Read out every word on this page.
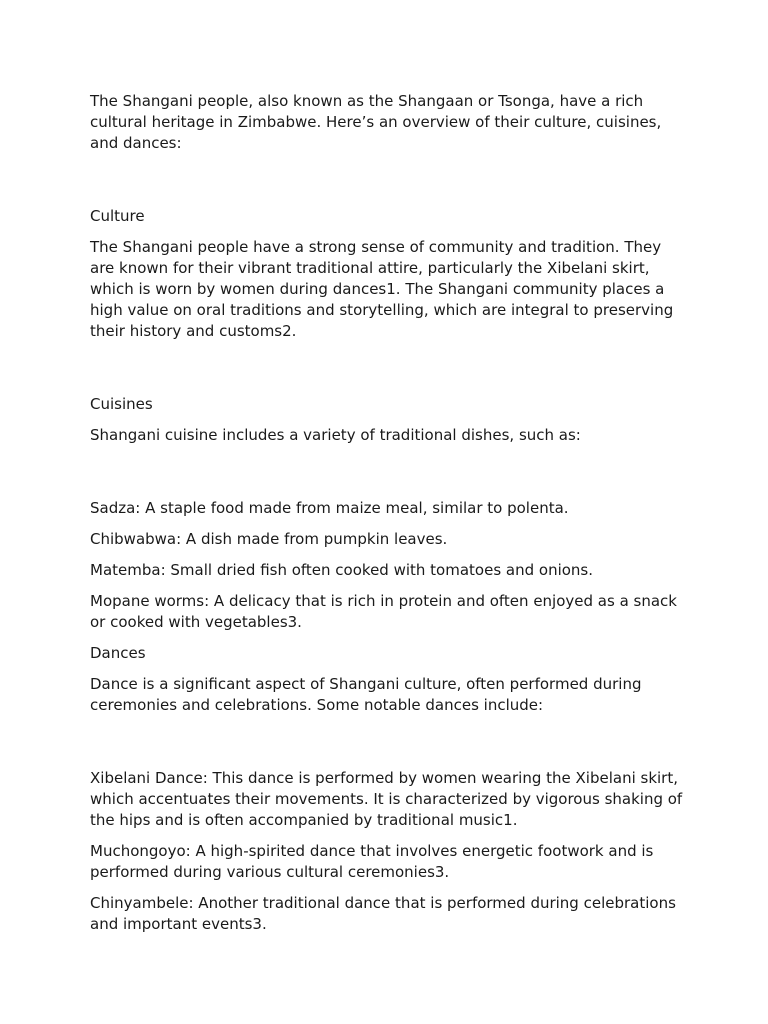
The Shangani people, also known as the Shangaan or Tsonga, have a rich cultural heritage in Zimbabwe. Here’s an overview of their culture, cuisines, and dances:

Culture

The Shangani people have a strong sense of community and tradition. They are known for their vibrant traditional attire, particularly the Xibelani skirt, which is worn by women during dances1. The Shangani community places a high value on oral traditions and storytelling, which are integral to preserving their history and customs2.

Cuisines

Shangani cuisine includes a variety of traditional dishes, such as:

Sadza: A staple food made from maize meal, similar to polenta.

Chibwabwa: A dish made from pumpkin leaves.

Matemba: Small dried fish often cooked with tomatoes and onions.

Mopane worms: A delicacy that is rich in protein and often enjoyed as a snack or cooked with vegetables3.

Dances

Dance is a significant aspect of Shangani culture, often performed during ceremonies and celebrations. Some notable dances include:

Xibelani Dance: This dance is performed by women wearing the Xibelani skirt, which accentuates their movements. It is characterized by vigorous shaking of the hips and is often accompanied by traditional music1.

Muchongoyo: A high-spirited dance that involves energetic footwork and is performed during various cultural ceremonies3.

Chinyambele: Another traditional dance that is performed during celebrations and important events3.
